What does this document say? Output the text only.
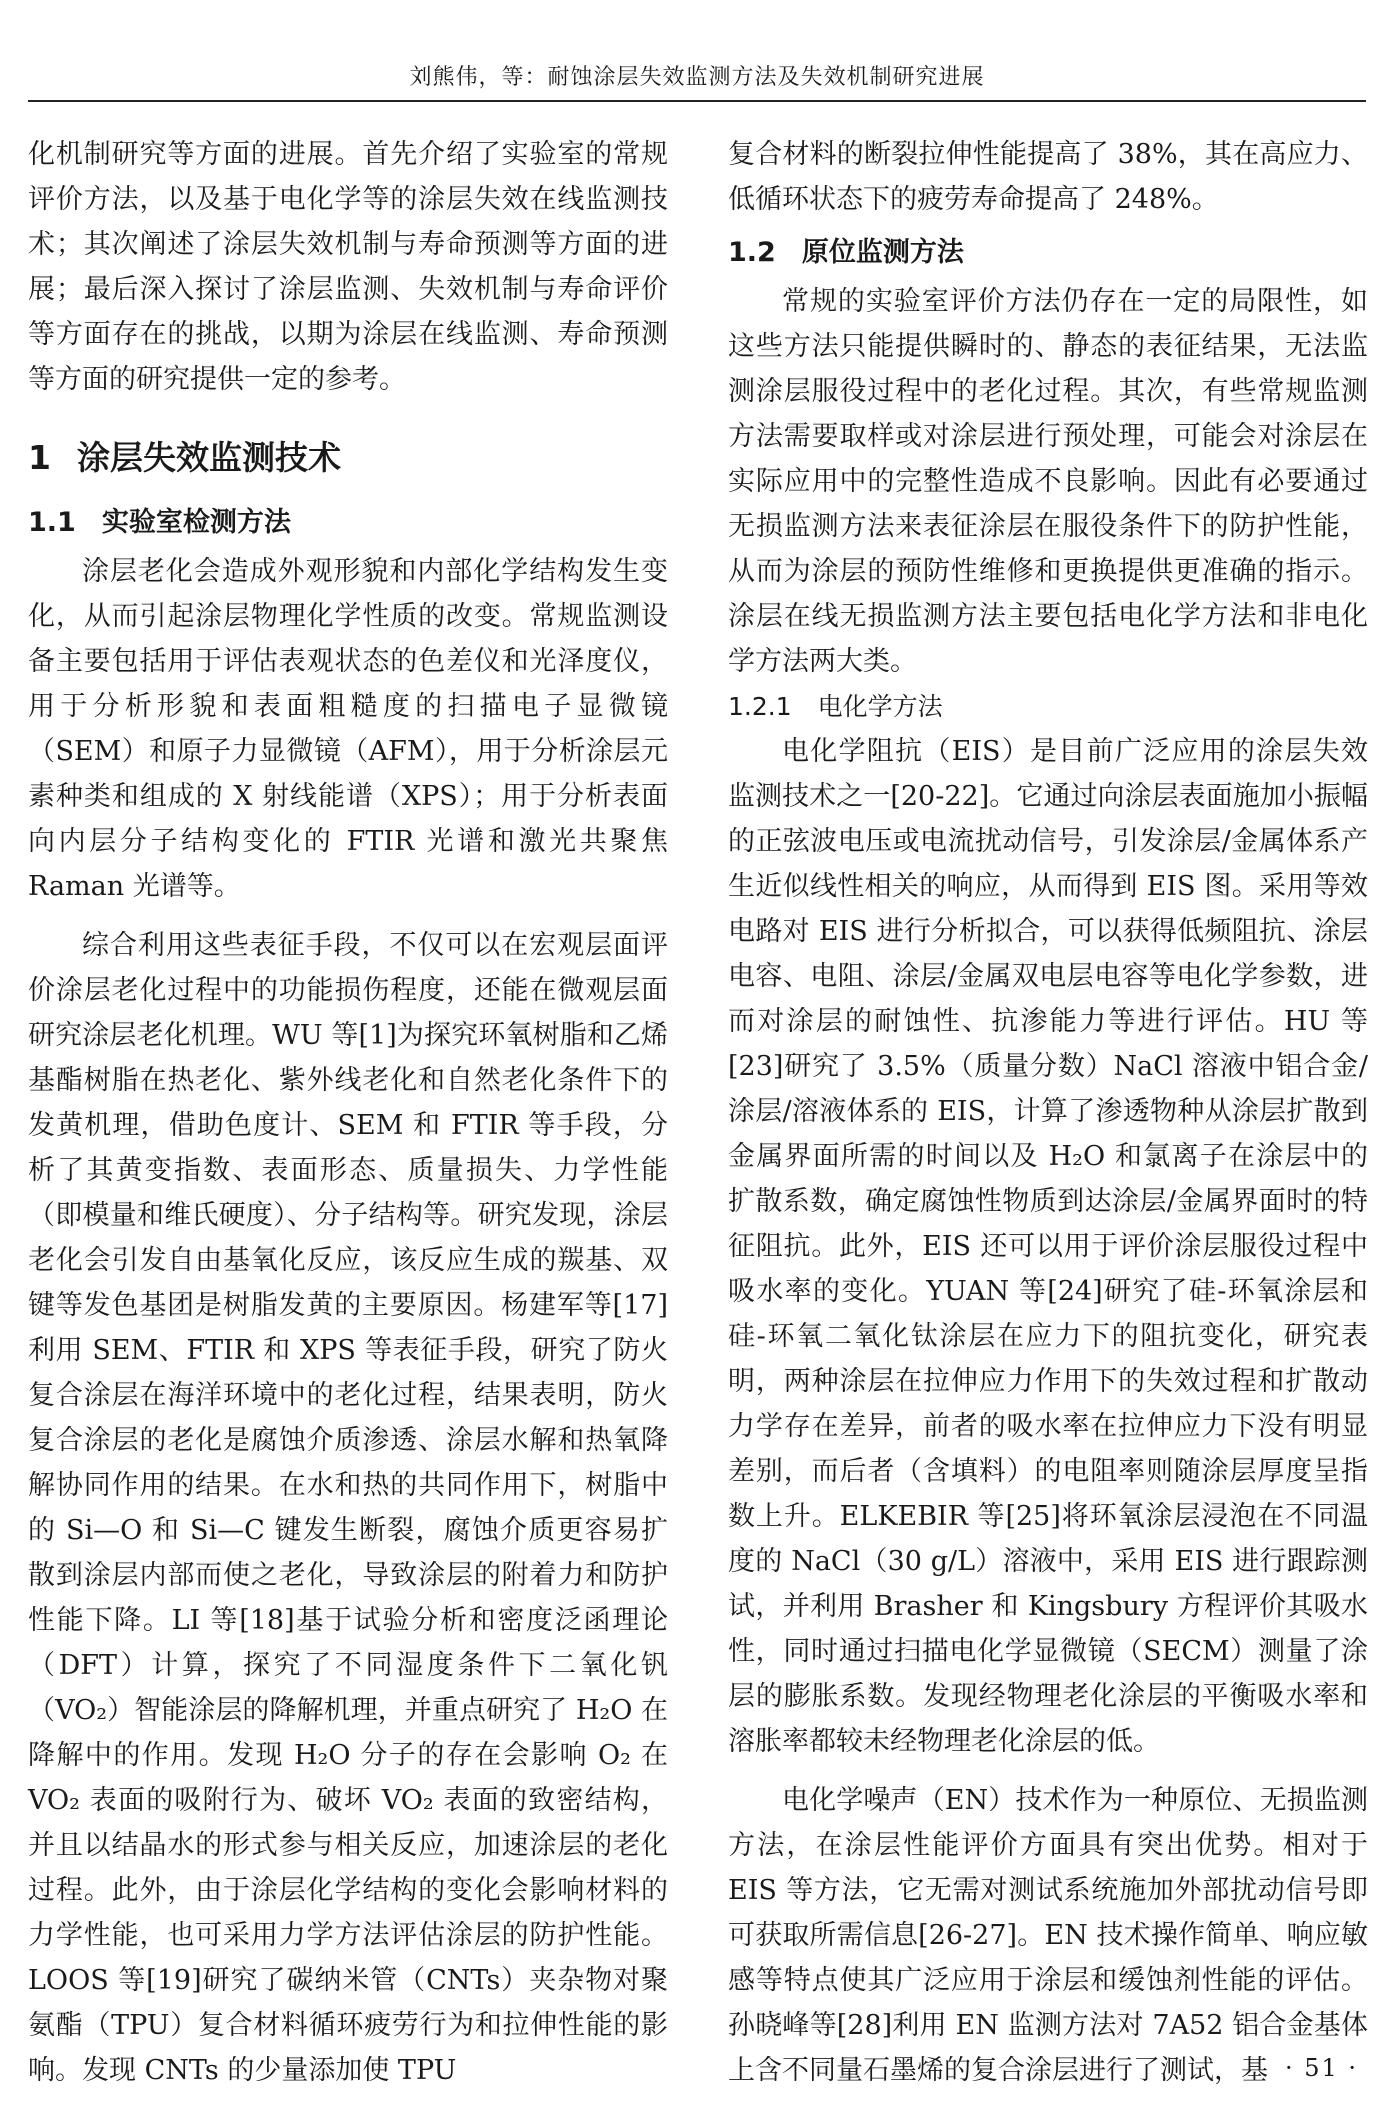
刘熊伟，等：耐蚀涂层失效监测方法及失效机制研究进展

化机制研究等方面的进展。首先介绍了实验室的常规评价方法，以及基于电化学等的涂层失效在线监测技术；其次阐述了涂层失效机制与寿命预测等方面的进展；最后深入探讨了涂层监测、失效机制与寿命评价等方面存在的挑战，以期为涂层在线监测、寿命预测等方面的研究提供一定的参考。

1 涂层失效监测技术
1.1 实验室检测方法

涂层老化会造成外观形貌和内部化学结构发生变化，从而引起涂层物理化学性质的改变。常规监测设备主要包括用于评估表观状态的色差仪和光泽度仪，用于分析形貌和表面粗糙度的扫描电子显微镜（SEM）和原子力显微镜（AFM），用于分析涂层元素种类和组成的 X 射线能谱（XPS）；用于分析表面向内层分子结构变化的 FTIR 光谱和激光共聚焦 Raman 光谱等。

综合利用这些表征手段，不仅可以在宏观层面评价涂层老化过程中的功能损伤程度，还能在微观层面研究涂层老化机理。WU 等[1]为探究环氧树脂和乙烯基酯树脂在热老化、紫外线老化和自然老化条件下的发黄机理，借助色度计、SEM 和 FTIR 等手段，分析了其黄变指数、表面形态、质量损失、力学性能（即模量和维氏硬度）、分子结构等。研究发现，涂层老化会引发自由基氧化反应，该反应生成的羰基、双键等发色基团是树脂发黄的主要原因。杨建军等[17]利用 SEM、FTIR 和 XPS 等表征手段，研究了防火复合涂层在海洋环境中的老化过程，结果表明，防火复合涂层的老化是腐蚀介质渗透、涂层水解和热氧降解协同作用的结果。在水和热的共同作用下，树脂中的 Si—O 和 Si—C 键发生断裂，腐蚀介质更容易扩散到涂层内部而使之老化，导致涂层的附着力和防护性能下降。LI 等[18]基于试验分析和密度泛函理论（DFT）计算，探究了不同湿度条件下二氧化钒（VO₂）智能涂层的降解机理，并重点研究了 H₂O 在降解中的作用。发现 H₂O 分子的存在会影响 O₂ 在 VO₂ 表面的吸附行为、破坏 VO₂ 表面的致密结构，并且以结晶水的形式参与相关反应，加速涂层的老化过程。此外，由于涂层化学结构的变化会影响材料的力学性能，也可采用力学方法评估涂层的防护性能。LOOS 等[19]研究了碳纳米管（CNTs）夹杂物对聚氨酯（TPU）复合材料循环疲劳行为和拉伸性能的影响。发现 CNTs 的少量添加使 TPU

复合材料的断裂拉伸性能提高了 38%，其在高应力、低循环状态下的疲劳寿命提高了 248%。

1.2 原位监测方法

常规的实验室评价方法仍存在一定的局限性，如这些方法只能提供瞬时的、静态的表征结果，无法监测涂层服役过程中的老化过程。其次，有些常规监测方法需要取样或对涂层进行预处理，可能会对涂层在实际应用中的完整性造成不良影响。因此有必要通过无损监测方法来表征涂层在服役条件下的防护性能，从而为涂层的预防性维修和更换提供更准确的指示。涂层在线无损监测方法主要包括电化学方法和非电化学方法两大类。

1.2.1 电化学方法

电化学阻抗（EIS）是目前广泛应用的涂层失效监测技术之一[20-22]。它通过向涂层表面施加小振幅的正弦波电压或电流扰动信号，引发涂层/金属体系产生近似线性相关的响应，从而得到 EIS 图。采用等效电路对 EIS 进行分析拟合，可以获得低频阻抗、涂层电容、电阻、涂层/金属双电层电容等电化学参数，进而对涂层的耐蚀性、抗渗能力等进行评估。HU 等[23]研究了 3.5%（质量分数）NaCl 溶液中铝合金/涂层/溶液体系的 EIS，计算了渗透物种从涂层扩散到金属界面所需的时间以及 H₂O 和氯离子在涂层中的扩散系数，确定腐蚀性物质到达涂层/金属界面时的特征阻抗。此外，EIS 还可以用于评价涂层服役过程中吸水率的变化。YUAN 等[24]研究了硅-环氧涂层和硅-环氧二氧化钛涂层在应力下的阻抗变化，研究表明，两种涂层在拉伸应力作用下的失效过程和扩散动力学存在差异，前者的吸水率在拉伸应力下没有明显差别，而后者（含填料）的电阻率则随涂层厚度呈指数上升。ELKEBIR 等[25]将环氧涂层浸泡在不同温度的 NaCl（30 g/L）溶液中，采用 EIS 进行跟踪测试，并利用 Brasher 和 Kingsbury 方程评价其吸水性，同时通过扫描电化学显微镜（SECM）测量了涂层的膨胀系数。发现经物理老化涂层的平衡吸水率和溶胀率都较未经物理老化涂层的低。

电化学噪声（EN）技术作为一种原位、无损监测方法，在涂层性能评价方面具有突出优势。相对于 EIS 等方法，它无需对测试系统施加外部扰动信号即可获取所需信息[26-27]。EN 技术操作简单、响应敏感等特点使其广泛应用于涂层和缓蚀剂性能的评估。孙晓峰等[28]利用 EN 监测方法对 7A52 铝合金基体上含不同量石墨烯的复合涂层进行了测试，基 · 51 ·
